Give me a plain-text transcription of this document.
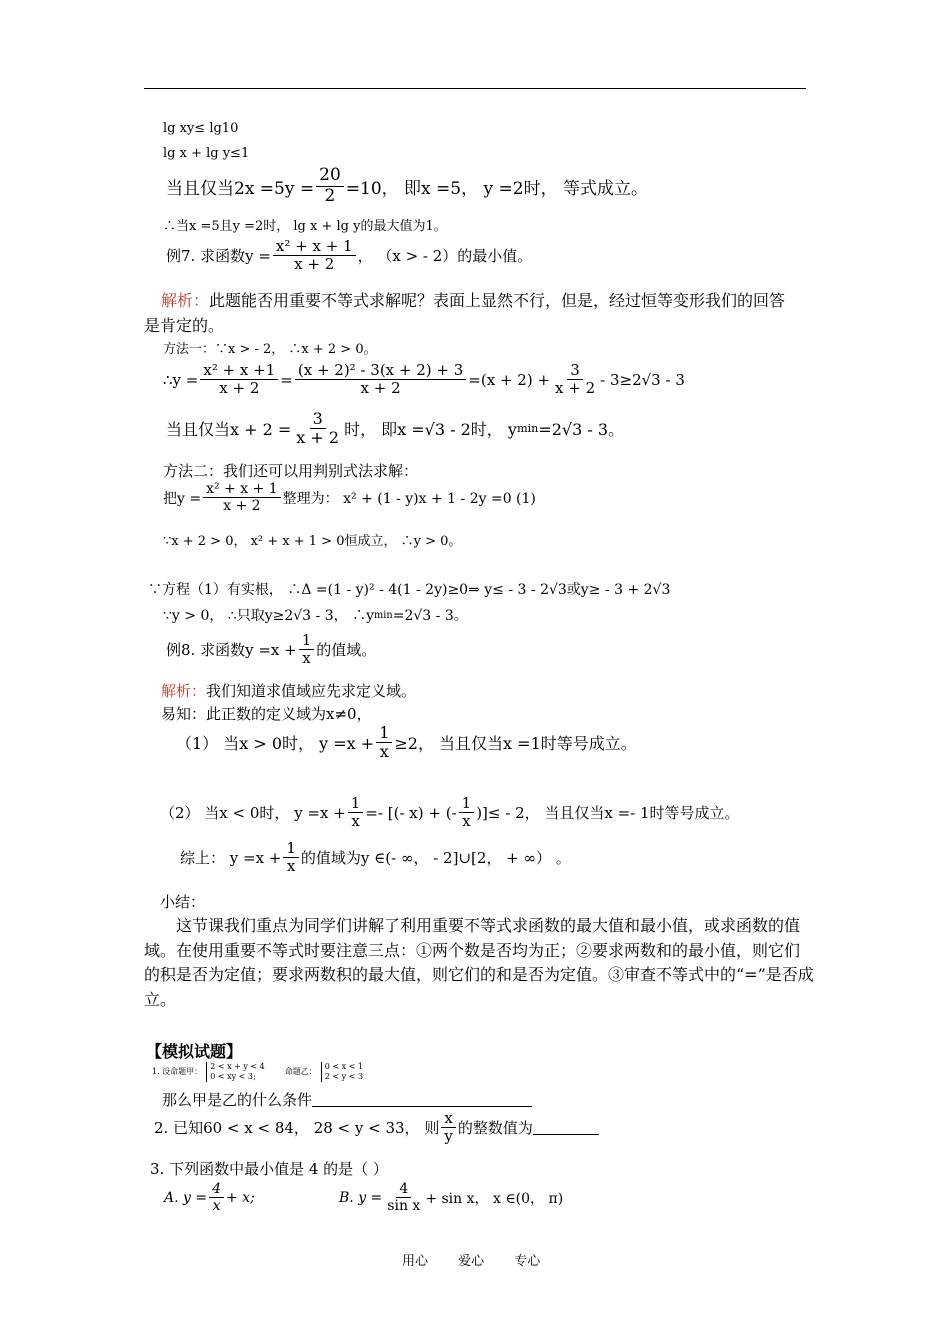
lg xy≤ lg10
lg x + lg y≤1
当且仅当$2x =5y = \frac{20}{2} =10$， 即x =5， y =2时， 等式成立。
∴当x =5且y =2时， lg x + lg y的最大值为1。
例7. 求函数$y = \frac{\text{x² + x + 1}}{x + 2}$ ， （x > - 2）的最小值。
解析：此题能否用重要不等式求解呢？表面上显然不行，但是，经过恒等变形我们的回答
是肯定的。
方法一：∵x > - 2， ∴x + 2 > 0。
∴y = $\frac{\text{x² + x +1}}{x + 2} = \frac{\text{(x + 2)² - 3(x + 2) + 3}}{x + 2} =(x + 2) + \frac{3}{x + 2} - 3\ge 2√3 - 3$
当且仅当$x + 2 = \frac{3}{x + 2}$ 时， 即x =√3 - 2时， y min =2√3 - 3。
方法二：我们还可以用判别式法求解：
把$y = \frac{\text{x² + x + 1}}{x + 2}$ 整理为： x² + (1 - y)x + 1 - 2y =0 (1)
∵x + 2 > 0， x² + x + 1 > 0恒成立， ∴y > 0。
∵方程（1）有实根， ∴Δ =(1 - y)² - 4(1 - 2y)≥0⇒ y≤ - 3 - 2√3或y≥ - 3 + 2√3
∵y > 0， ∴只取y≥2√3 - 3， ∴y min =2√3 - 3。
例8. 求函数$y =x + \frac{1}{x}$ 的值域。
解析： 我们知道求值域应先求定义域。
易知：此正数的定义域为x≠0，
（1） 当x > 0时， $y =x + \frac{1}{x} \ge 2$， 当且仅当x =1时等号成立。
（2） 当x < 0时， $y =x + \frac{1}{x}$ =- [(- x) + (- $\frac{1}{x}$ )]≤ - 2， 当且仅当x =- 1时等号成立。
综上： $y =x + \frac{1}{x}$ 的值域为y ∈(- ∞， - 2]∪[2， + ∞） 。
小结：
　　这节课我们重点为同学们讲解了利用重要不等式求函数的最大值和最小值，或求函数的值域。在使用重要不等式时要注意三点：①两个数是否均为正；②要求两数和的最小值，则它们的积是否为定值；要求两数积的最大值，则它们的和是否为定值。③审查不等式中的“=”是否成立。
【模拟试题】
1. 设命题甲：
2 < x + y < 4
0 < xy < 3;
命题乙：
0 < x < 1
2 < y < 3
那么甲是乙的什么条件
2. 已知60 < x < 84， 28 < y < 33， 则 $\frac{x}{y}$ 的整数值为
3. 下列函数中最小值是 4 的是（ ）
A. $y = \frac{4}{x} + x$;	B. $y = \frac{4}{\text{sin x}} + \sin x$， x ∈(0， π)
用心 爱心 专心
